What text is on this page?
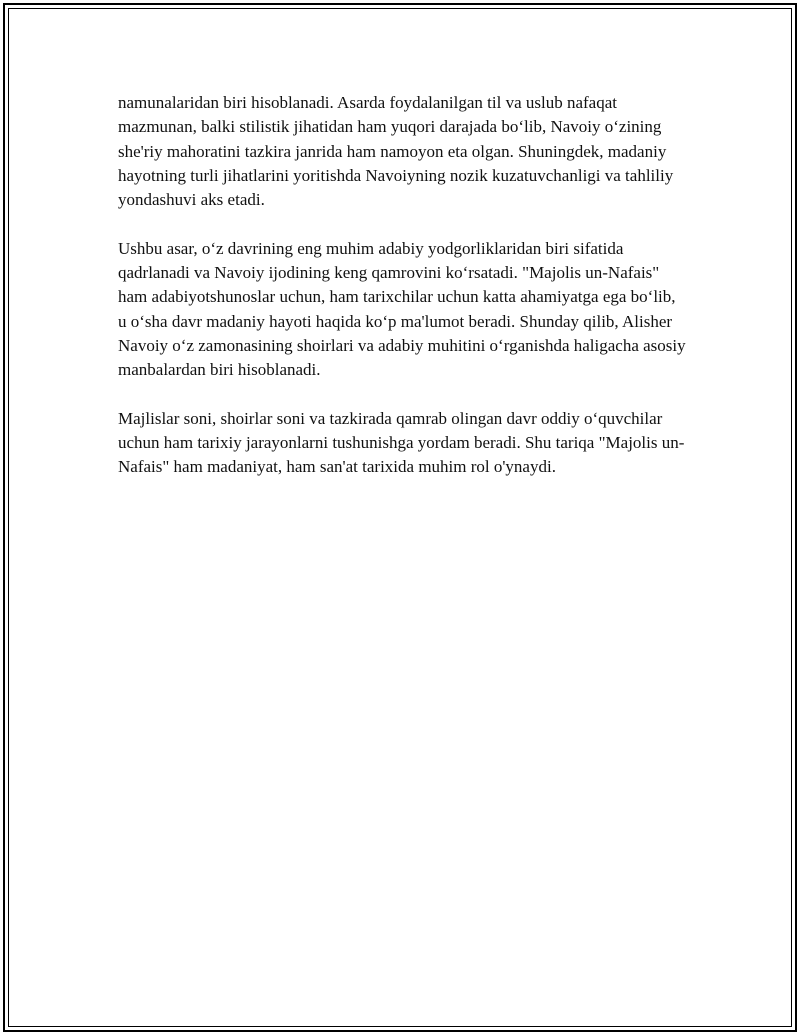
namunalaridan biri hisoblanadi. Asarda foydalanilgan til va uslub nafaqat mazmunan, balki stilistik jihatidan ham yuqori darajada boʻlib, Navoiy oʻzining she'riy mahoratini tazkira janrida ham namoyon eta olgan. Shuningdek, madaniy hayotning turli jihatlarini yoritishda Navoiyning nozik kuzatuvchanligi va tahliliy yondashuvi aks etadi.

Ushbu asar, oʻz davrining eng muhim adabiy yodgorliklaridan biri sifatida qadrlanadi va Navoiy ijodining keng qamrovini koʻrsatadi. "Majolis un-Nafais" ham adabiyotshunoslar uchun, ham tarixchilar uchun katta ahamiyatga ega boʻlib, u oʻsha davr madaniy hayoti haqida koʻp ma'lumot beradi. Shunday qilib, Alisher Navoiy oʻz zamonasining shoirlari va adabiy muhitini oʻrganishda haligacha asosiy manbalardan biri hisoblanadi.

Majlislar soni, shoirlar soni va tazkirada qamrab olingan davr oddiy oʻquvchilar uchun ham tarixiy jarayonlarni tushunishga yordam beradi. Shu tariqa "Majolis un-Nafais" ham madaniyat, ham san'at tarixida muhim rol o'ynaydi.
